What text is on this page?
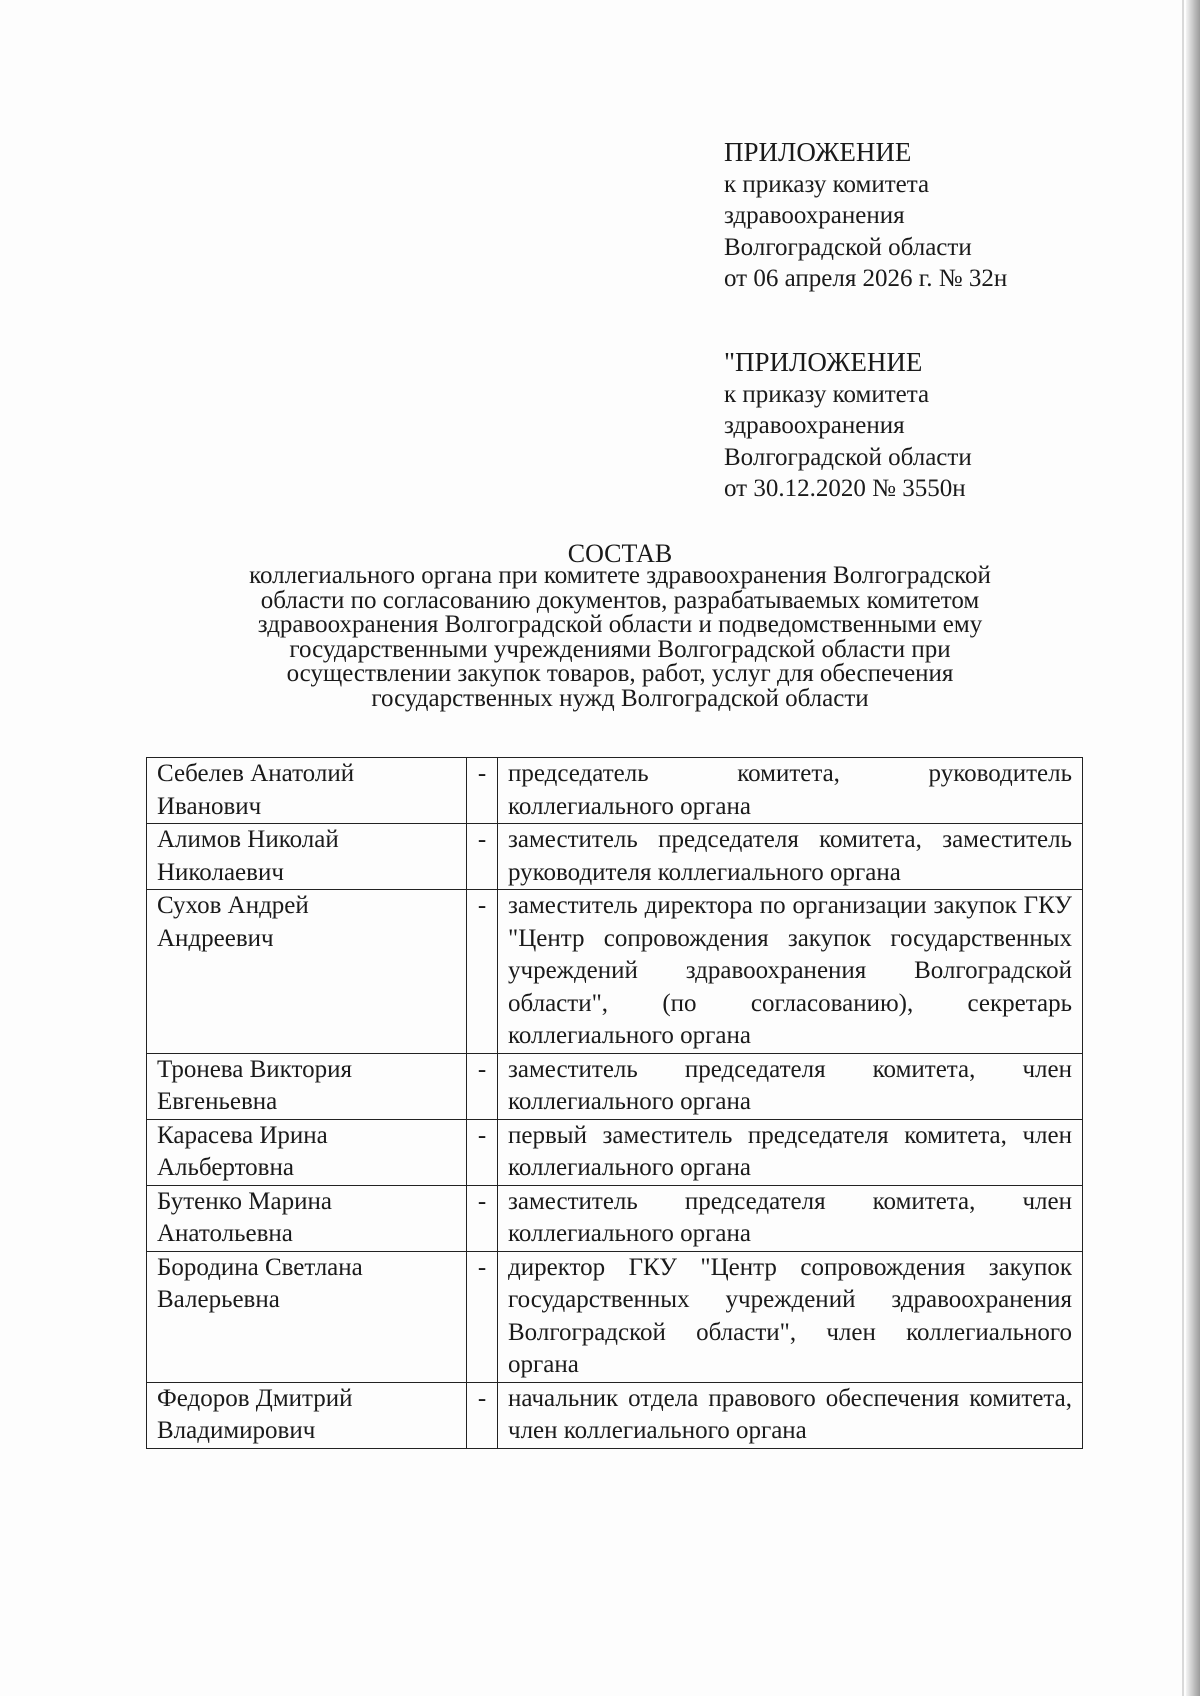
ПРИЛОЖЕНИЕ
к приказу комитета
здравоохранения
Волгоградской области
от 06 апреля 2026 г. № 32н
"ПРИЛОЖЕНИЕ
к приказу комитета
здравоохранения
Волгоградской области
от 30.12.2020 № 3550н
СОСТАВ
коллегиального органа при комитете здравоохранения Волгоградской
области по согласованию документов, разрабатываемых комитетом
здравоохранения Волгоградской области и подведомственными ему
государственными учреждениями Волгоградской области при
осуществлении закупок товаров, работ, услуг для обеспечения
государственных нужд Волгоградской области
Себелев Анатолий
Иванович	-	председатель комитета, руководитель коллегиального органа

Алимов Николай
Николаевич	-	заместитель председателя комитета, заместитель руководителя коллегиального органа

Сухов Андрей
Андреевич	-	заместитель директора по организации закупок ГКУ "Центр сопровождения закупок государственных учреждений здравоохранения Волгоградской области", (по согласованию), секретарь коллегиального органа

Тронева Виктория
Евгеньевна	-	заместитель председателя комитета, член коллегиального органа

Карасева Ирина
Альбертовна	-	первый заместитель председателя комитета, член коллегиального органа

Бутенко Марина
Анатольевна	-	заместитель председателя комитета, член коллегиального органа

Бородина Светлана
Валерьевна	-	директор ГКУ "Центр сопровождения закупок государственных учреждений здравоохранения Волгоградской области", член коллегиального органа

Федоров Дмитрий
Владимирович	-	начальник отдела правового обеспечения комитета, член коллегиального органа
